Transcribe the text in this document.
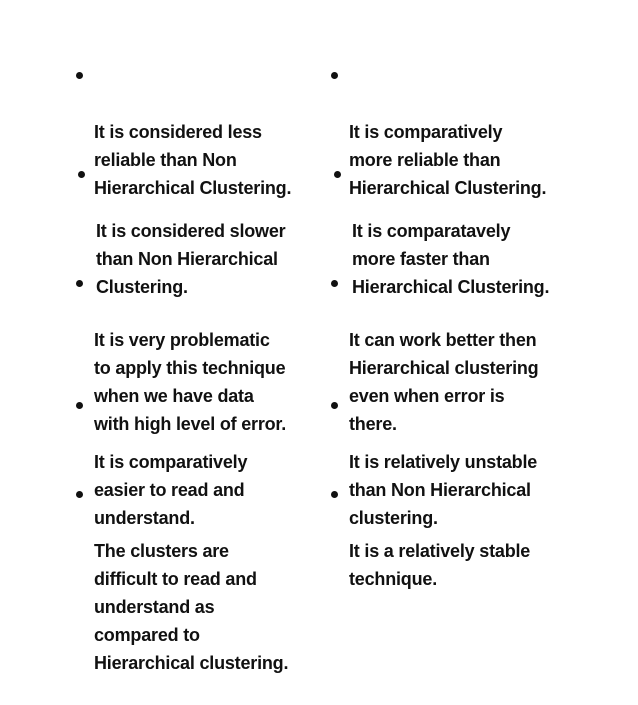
It is considered less
reliable than Non
Hierarchical Clustering.

It is considered slower
than Non Hierarchical
Clustering.

It is very problematic
to apply this technique
when we have data
with high level of error.

It is comparatively
easier to read and
understand.

The clusters are
difficult to read and
understand as
compared to
Hierarchical clustering.

It is comparatively
more reliable than
Hierarchical Clustering.

It is comparatavely
more faster than
Hierarchical Clustering.

It can work better then
Hierarchical clustering
even when error is
there.

It is relatively unstable
than Non Hierarchical
clustering.

It is a relatively stable
technique.
